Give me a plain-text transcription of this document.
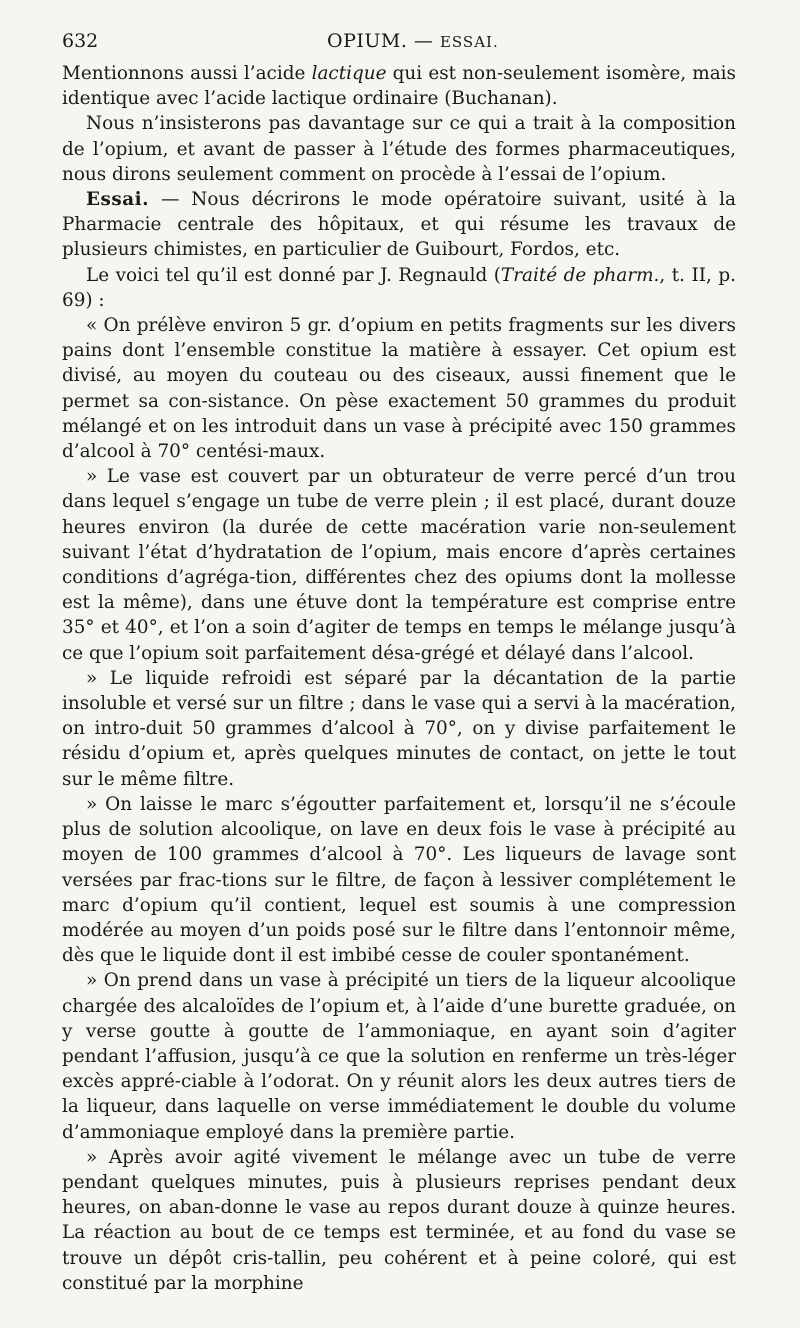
632	OPIUM. — ESSAI.

Mentionnons aussi l’acide lactique qui est non-seulement isomère, mais identique avec l’acide lactique ordinaire (Buchanan).

Nous n’insisterons pas davantage sur ce qui a trait à la composition de l’opium, et avant de passer à l’étude des formes pharmaceutiques, nous dirons seulement comment on procède à l’essai de l’opium.

Essai. — Nous décrirons le mode opératoire suivant, usité à la Pharmacie centrale des hôpitaux, et qui résume les travaux de plusieurs chimistes, en particulier de Guibourt, Fordos, etc.

Le voici tel qu’il est donné par J. Regnauld (Traité de pharm., t. II, p. 69) :

« On prélève environ 5 gr. d’opium en petits fragments sur les divers pains dont l’ensemble constitue la matière à essayer. Cet opium est divisé, au moyen du couteau ou des ciseaux, aussi finement que le permet sa con-sistance. On pèse exactement 50 grammes du produit mélangé et on les introduit dans un vase à précipité avec 150 grammes d’alcool à 70° centési-maux.

» Le vase est couvert par un obturateur de verre percé d’un trou dans lequel s’engage un tube de verre plein ; il est placé, durant douze heures environ (la durée de cette macération varie non-seulement suivant l’état d’hydratation de l’opium, mais encore d’après certaines conditions d’agréga-tion, différentes chez des opiums dont la mollesse est la même), dans une étuve dont la température est comprise entre 35° et 40°, et l’on a soin d’agiter de temps en temps le mélange jusqu’à ce que l’opium soit parfaitement désa-grégé et délayé dans l’alcool.

» Le liquide refroidi est séparé par la décantation de la partie insoluble et versé sur un filtre ; dans le vase qui a servi à la macération, on intro-duit 50 grammes d’alcool à 70°, on y divise parfaitement le résidu d’opium et, après quelques minutes de contact, on jette le tout sur le même filtre.

» On laisse le marc s’égoutter parfaitement et, lorsqu’il ne s’écoule plus de solution alcoolique, on lave en deux fois le vase à précipité au moyen de 100 grammes d’alcool à 70°. Les liqueurs de lavage sont versées par frac-tions sur le filtre, de façon à lessiver complétement le marc d’opium qu’il contient, lequel est soumis à une compression modérée au moyen d’un poids posé sur le filtre dans l’entonnoir même, dès que le liquide dont il est imbibé cesse de couler spontanément.

» On prend dans un vase à précipité un tiers de la liqueur alcoolique chargée des alcaloïdes de l’opium et, à l’aide d’une burette graduée, on y verse goutte à goutte de l’ammoniaque, en ayant soin d’agiter pendant l’affusion, jusqu’à ce que la solution en renferme un très-léger excès appré-ciable à l’odorat. On y réunit alors les deux autres tiers de la liqueur, dans laquelle on verse immédiatement le double du volume d’ammoniaque employé dans la première partie.

» Après avoir agité vivement le mélange avec un tube de verre pendant quelques minutes, puis à plusieurs reprises pendant deux heures, on aban-donne le vase au repos durant douze à quinze heures. La réaction au bout de ce temps est terminée, et au fond du vase se trouve un dépôt cris-tallin, peu cohérent et à peine coloré, qui est constitué par la morphine
